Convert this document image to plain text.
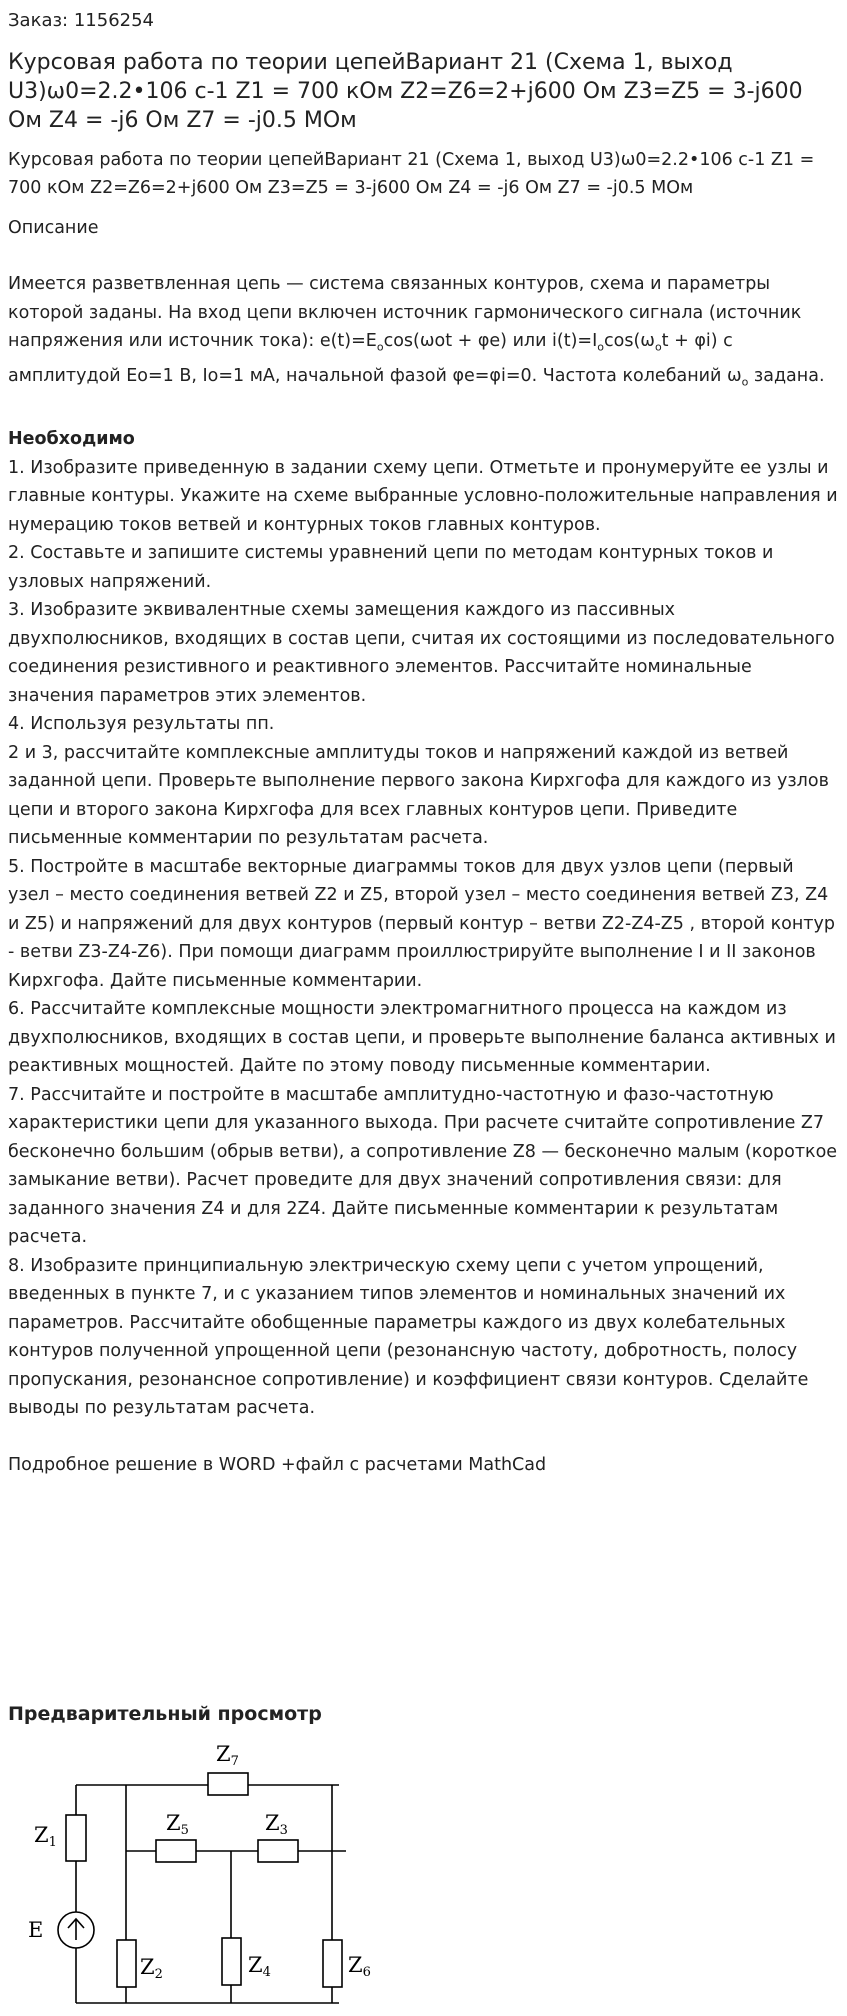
Заказ: 1156254
Курсовая работа по теории цепейВариант 21 (Схема 1, выход U3)ω0=2.2•106 с-1 Z1 = 700 кОм Z2=Z6=2+j600 Ом Z3=Z5 = 3-j600 Ом Z4 = -j6 Ом Z7 = -j0.5 МОм
Курсовая работа по теории цепейВариант 21 (Схема 1, выход U3)ω0=2.2•106 с-1 Z1 = 700 кОм Z2=Z6=2+j600 Ом Z3=Z5 = 3-j600 Ом Z4 = -j6 Ом Z7 = -j0.5 МОм
Описание
Имеется разветвленная цепь — система связанных контуров, схема и параметры которой заданы. На вход цепи включен источник гармонического сигнала (источник напряжения или источник тока): $e(t)=E_o\cos(\omega ot + \varphi e)$ или $i(t)=I_o\cos(\omega_ot + \varphi i)$ с амплитудой Eo=1 В, Io=1 мА, начальной фазой φe=φi=0. Частота колебаний $\omega_o$ задана.
Необходимо

1. Изобразите приведенную в задании схему цепи. Отметьте и пронумеруйте ее узлы и главные контуры. Укажите на схеме выбранные условно-положительные направления и нумерацию токов ветвей и контурных токов главных контуров.

2. Составьте и запишите системы уравнений цепи по методам контурных токов и узловых напряжений.

3. Изобразите эквивалентные схемы замещения каждого из пассивных двухполюсников, входящих в состав цепи, считая их состоящими из последовательного соединения резистивного и реактивного элементов. Рассчитайте номинальные значения параметров этих элементов.

4. Используя результаты пп.

2 и 3, рассчитайте комплексные амплитуды токов и напряжений каждой из ветвей заданной цепи. Проверьте выполнение первого закона Кирхгофа для каждого из узлов цепи и второго закона Кирхгофа для всех главных контуров цепи. Приведите письменные комментарии по результатам расчета.

5. Постройте в масштабе векторные диаграммы токов для двух узлов цепи (первый узел – место соединения ветвей Z2 и Z5, второй узел – место соединения ветвей Z3, Z4 и Z5) и напряжений для двух контуров (первый контур – ветви Z2-Z4-Z5 , второй контур - ветви Z3-Z4-Z6). При помощи диаграмм проиллюстрируйте выполнение I и II законов Кирхгофа. Дайте письменные комментарии.

6. Рассчитайте комплексные мощности электромагнитного процесса на каждом из двухполюсников, входящих в состав цепи, и проверьте выполнение баланса активных и реактивных мощностей. Дайте по этому поводу письменные комментарии.

7. Рассчитайте и постройте в масштабе амплитудно-частотную и фазо-частотную характеристики цепи для указанного выхода. При расчете считайте сопротивление Z7 бесконечно большим (обрыв ветви), а сопротивление Z8 — бесконечно малым (короткое замыкание ветви). Расчет проведите для двух значений сопротивления связи: для заданного значения Z4 и для 2Z4. Дайте письменные комментарии к результатам расчета.

8. Изобразите принципиальную электрическую схему цепи с учетом упрощений, введенных в пункте 7, и с указанием типов элементов и номинальных значений их параметров. Рассчитайте обобщенные параметры каждого из двух колебательных контуров полученной упрощенной цепи (резонансную частоту, добротность, полосу пропускания, резонансное сопротивление) и коэффициент связи контуров. Сделайте выводы по результатам расчета.

Подробное решение в WORD +файл с расчетами MathCad
Предварительный просмотр
Z7
Z1
Z5	Z3
E
Z2	Z4	Z6
